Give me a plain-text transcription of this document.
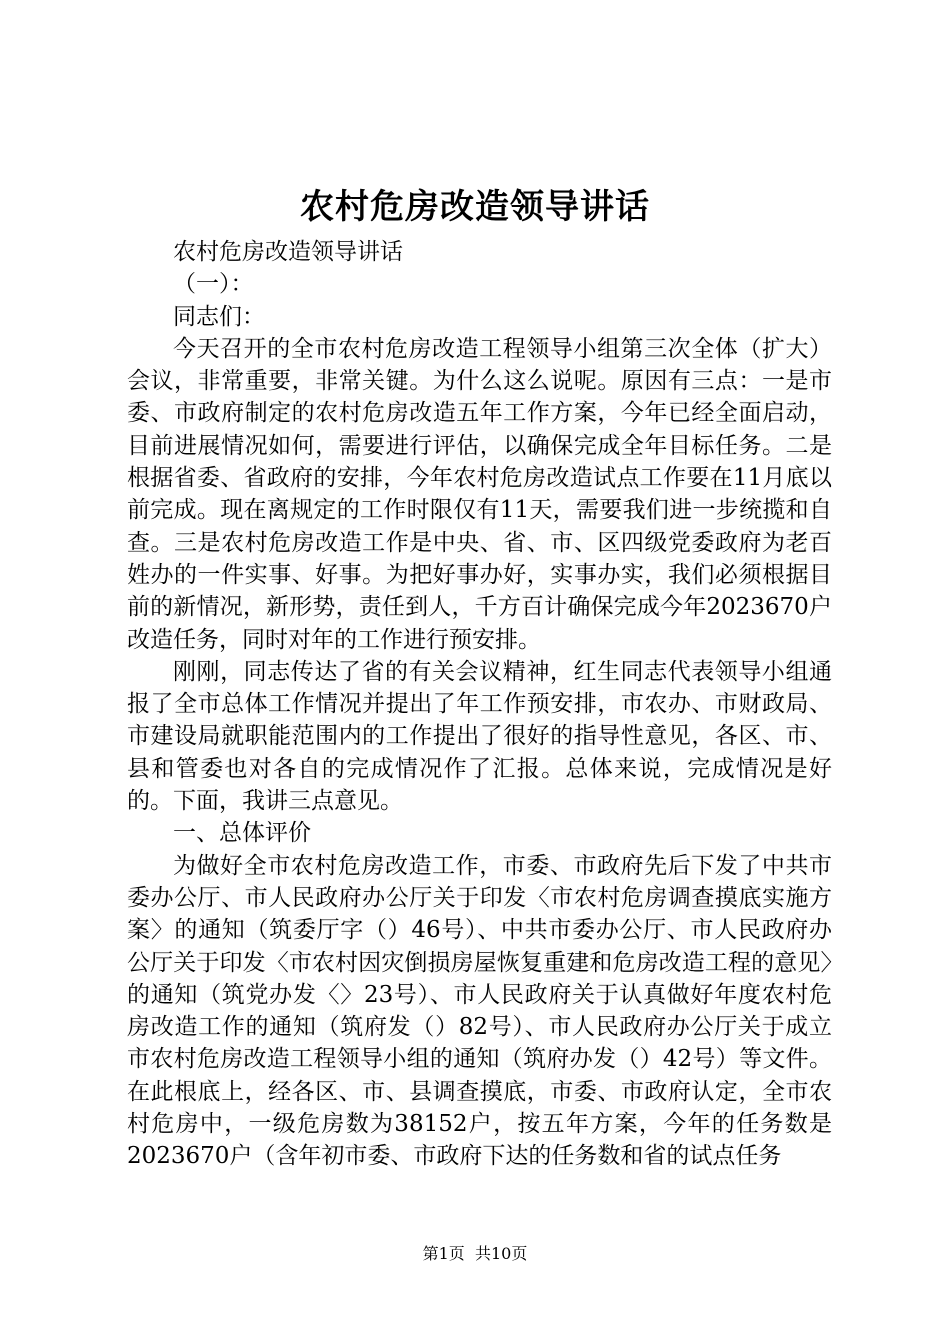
农村危房改造领导讲话

农村危房改造领导讲话

（一）：

同志们：

今天召开的全市农村危房改造工程领导小组第三次全体（扩大）会议，非常重要，非常关键。为什么这么说呢。原因有三点：一是市委、市政府制定的农村危房改造五年工作方案，今年已经全面启动，目前进展情况如何，需要进行评估，以确保完成全年目标任务。二是根据省委、省政府的安排，今年农村危房改造试点工作要在11月底以前完成。现在离规定的工作时限仅有11天，需要我们进一步统揽和自查。三是农村危房改造工作是中央、省、市、区四级党委政府为老百姓办的一件实事、好事。为把好事办好，实事办实，我们必须根据目前的新情况，新形势，责任到人，千方百计确保完成今年2023670户改造任务，同时对年的工作进行预安排。

刚刚，同志传达了省的有关会议精神，红生同志代表领导小组通报了全市总体工作情况并提出了年工作预安排，市农办、市财政局、市建设局就职能范围内的工作提出了很好的指导性意见，各区、市、县和管委也对各自的完成情况作了汇报。总体来说，完成情况是好的。下面，我讲三点意见。

一、总体评价

为做好全市农村危房改造工作，市委、市政府先后下发了中共市委办公厅、市人民政府办公厅关于印发〈市农村危房调查摸底实施方案〉的通知（筑委厅字（）46号）、中共市委办公厅、市人民政府办公厅关于印发〈市农村因灾倒损房屋恢复重建和危房改造工程的意见〉的通知（筑党办发〈〉23号）、市人民政府关于认真做好年度农村危房改造工作的通知（筑府发（）82号）、市人民政府办公厅关于成立市农村危房改造工程领导小组的通知（筑府办发（）42号）等文件。在此根底上，经各区、市、县调查摸底，市委、市政府认定，全市农村危房中，一级危房数为38152户，按五年方案，今年的任务数是2023670户（含年初市委、市政府下达的任务数和省的试点任务

第1页 共10页
